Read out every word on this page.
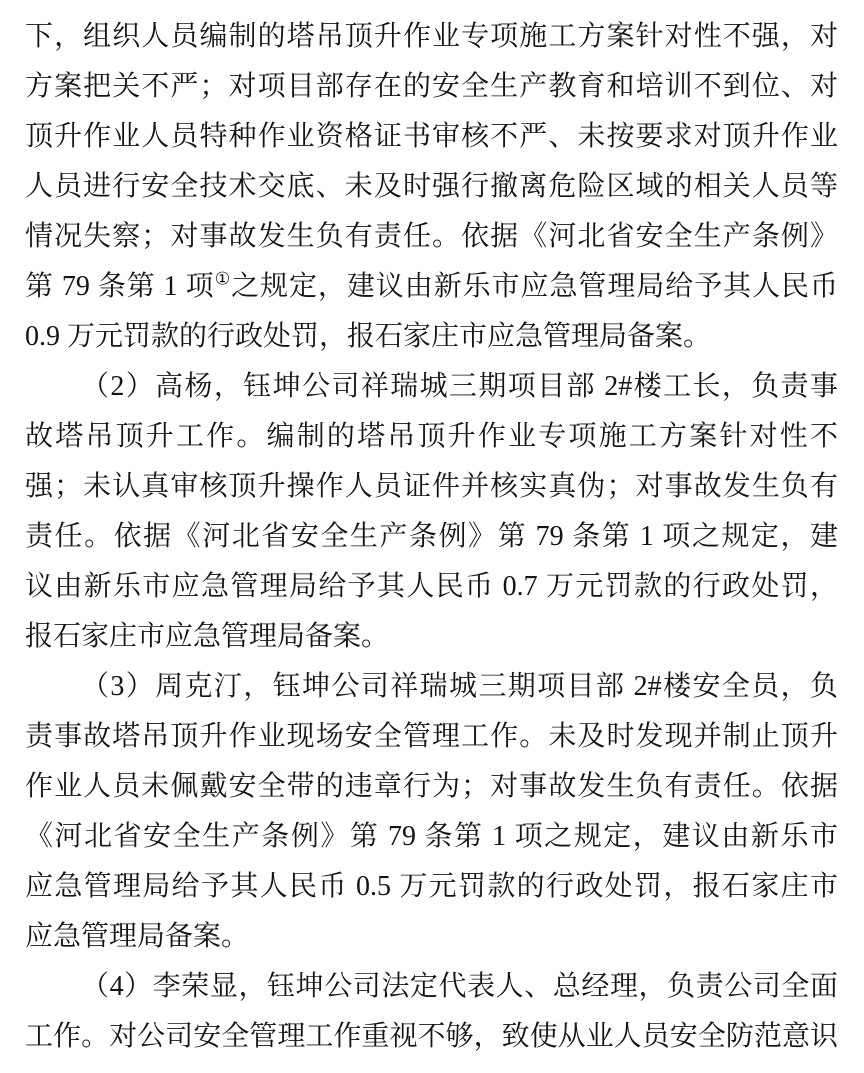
下，组织人员编制的塔吊顶升作业专项施工方案针对性不强，对
方案把关不严；对项目部存在的安全生产教育和培训不到位、对
顶升作业人员特种作业资格证书审核不严、未按要求对顶升作业
人员进行安全技术交底、未及时强行撤离危险区域的相关人员等
情况失察；对事故发生负有责任。依据《河北省安全生产条例》
第 79 条第 1 项①之规定，建议由新乐市应急管理局给予其人民币
0.9 万元罚款的行政处罚，报石家庄市应急管理局备案。
（2）高杨，钰坤公司祥瑞城三期项目部 2#楼工长，负责事
故塔吊顶升工作。编制的塔吊顶升作业专项施工方案针对性不
强；未认真审核顶升操作人员证件并核实真伪；对事故发生负有
责任。依据《河北省安全生产条例》第 79 条第 1 项之规定，建
议由新乐市应急管理局给予其人民币 0.7 万元罚款的行政处罚，
报石家庄市应急管理局备案。
（3）周克汀，钰坤公司祥瑞城三期项目部 2#楼安全员，负
责事故塔吊顶升作业现场安全管理工作。未及时发现并制止顶升
作业人员未佩戴安全带的违章行为；对事故发生负有责任。依据
《河北省安全生产条例》第 79 条第 1 项之规定，建议由新乐市
应急管理局给予其人民币 0.5 万元罚款的行政处罚，报石家庄市
应急管理局备案。
（4）李荣显，钰坤公司法定代表人、总经理，负责公司全面
工作。对公司安全管理工作重视不够，致使从业人员安全防范意识
